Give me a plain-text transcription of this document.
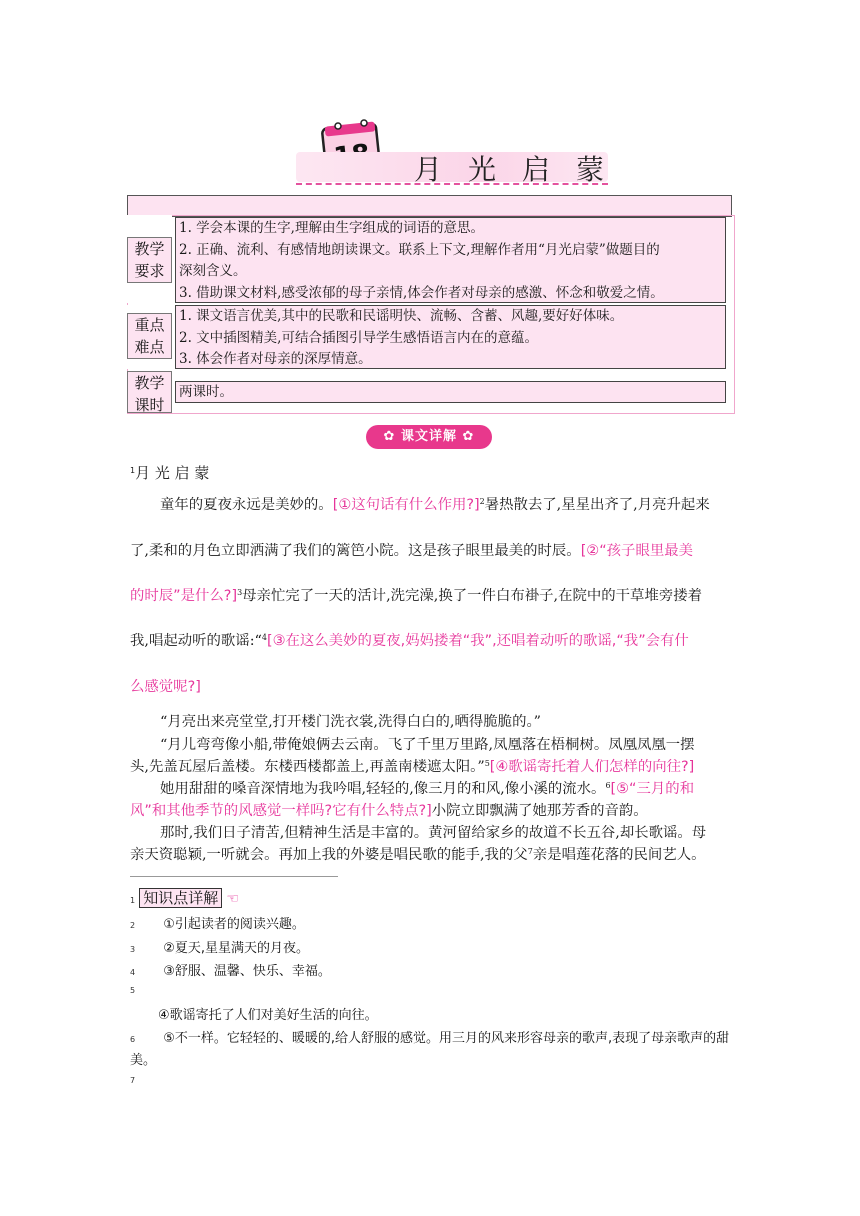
月光启蒙
教学
要求
1. 学会本课的生字,理解由生字组成的词语的意思。
2. 正确、流利、有感情地朗读课文。联系上下文,理解作者用“月光启蒙”做题目的
深刻含义。
3. 借助课文材料,感受浓郁的母子亲情,体会作者对母亲的感激、怀念和敬爱之情。
重点
难点
1. 课文语言优美,其中的民歌和民谣明快、流畅、含蓄、风趣,要好好体味。
2. 文中插图精美,可结合插图引导学生感悟语言内在的意蕴。
3. 体会作者对母亲的深厚情意。
教学
课时
两课时。
✿ 课文详解 ✿
$^1$月 光 启 蒙
童年的夏夜永远是美妙的。[①这句话有什么作用?]$^2$暑热散去了,星星出齐了,月亮升起来
了,柔和的月色立即洒满了我们的篱笆小院。这是孩子眼里最美的时辰。[②“孩子眼里最美
的时辰”是什么?]$^3$母亲忙完了一天的活计,洗完澡,换了一件白布褂子,在院中的干草堆旁搂着
我,唱起动听的歌谣:“$^4$[③在这么美妙的夏夜,妈妈搂着“我”,还唱着动听的歌谣,“我”会有什
么感觉呢?]
“月亮出来亮堂堂,打开楼门洗衣裳,洗得白白的,晒得脆脆的。”
“月儿弯弯像小船,带俺娘俩去云南。飞了千里万里路,凤凰落在梧桐树。凤凰凤凰一摆
头,先盖瓦屋后盖楼。东楼西楼都盖上,再盖南楼遮太阳。”$^5$[④歌谣寄托着人们怎样的向往?]
她用甜甜的嗓音深情地为我吟唱,轻轻的,像三月的和风,像小溪的流水。$^6$[⑤“三月的和
风”和其他季节的风感觉一样吗?它有什么特点?]小院立即飘满了她那芳香的音韵。
那时,我们日子清苦,但精神生活是丰富的。黄河留给家乡的故道不长五谷,却长歌谣。母
亲天资聪颖,一听就会。再加上我的外婆是唱民歌的能手,我的父$^7$亲是唱莲花落的民间艺人。
1 知识点详解 ☜
2 ①引起读者的阅读兴趣。
3 ②夏天,星星满天的月夜。
4 ③舒服、温馨、快乐、幸福。
5
④歌谣寄托了人们对美好生活的向往。
6 ⑤不一样。它轻轻的、暖暖的,给人舒服的感觉。用三月的风来形容母亲的歌声,表现了母亲歌声的甜
美。
7
